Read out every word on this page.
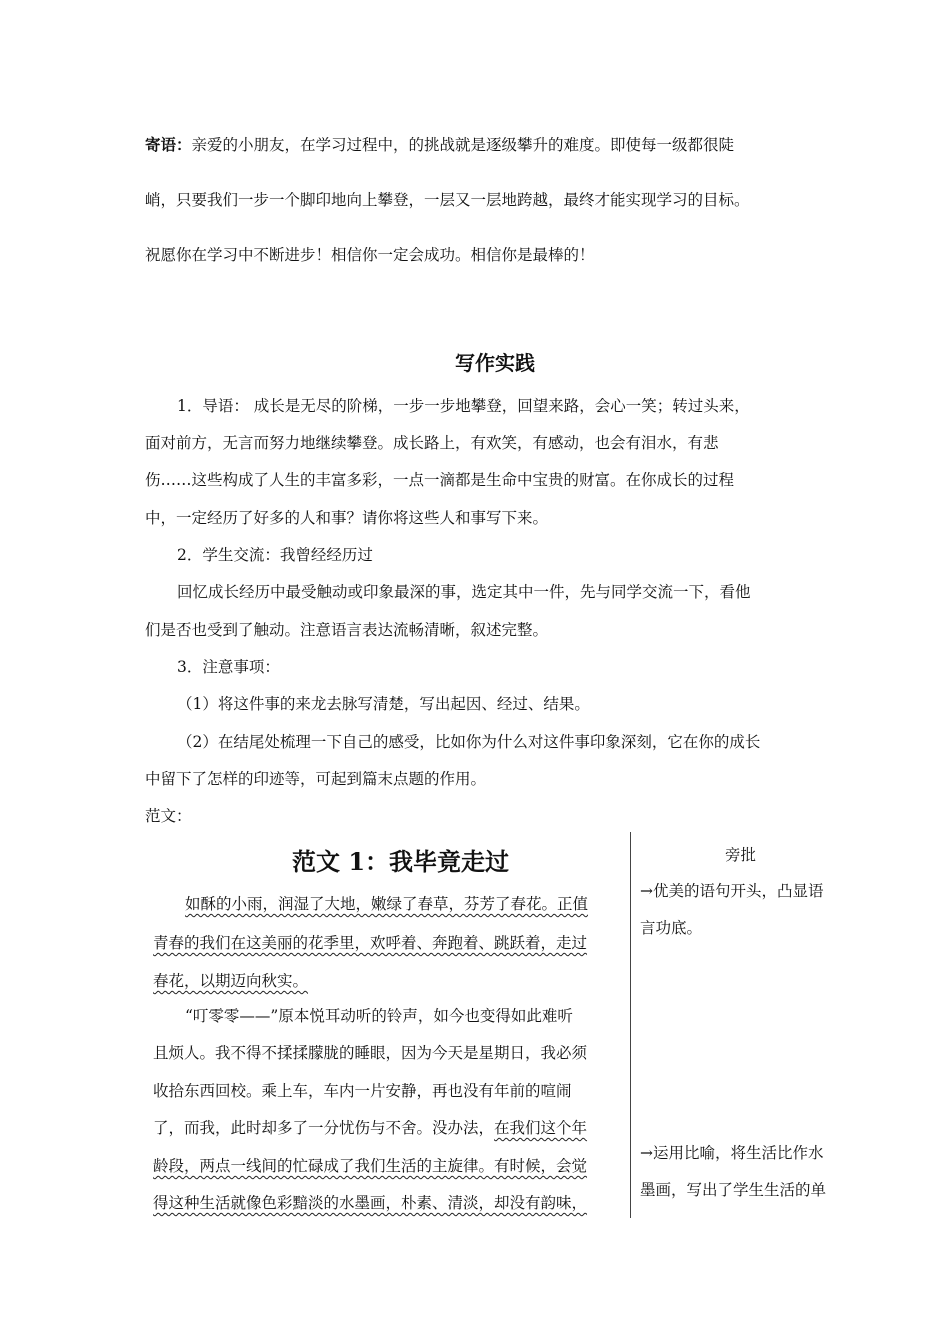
寄语：亲爱的小朋友，在学习过程中，的挑战就是逐级攀升的难度。即使每一级都很陡
峭，只要我们一步一个脚印地向上攀登，一层又一层地跨越，最终才能实现学习的目标。
祝愿你在学习中不断进步！相信你一定会成功。相信你是最棒的！
写作实践
1．导语： 成长是无尽的阶梯，一步一步地攀登，回望来路，会心一笑；转过头来，
面对前方，无言而努力地继续攀登。成长路上，有欢笑，有感动，也会有泪水，有悲
伤……这些构成了人生的丰富多彩，一点一滴都是生命中宝贵的财富。在你成长的过程
中，一定经历了好多的人和事？请你将这些人和事写下来。
2．学生交流：我曾经经历过
回忆成长经历中最受触动或印象最深的事，选定其中一件，先与同学交流一下，看他
们是否也受到了触动。注意语言表达流畅清晰，叙述完整。
3．注意事项：
（1）将这件事的来龙去脉写清楚，写出起因、经过、结果。
（2）在结尾处梳理一下自己的感受，比如你为什么对这件事印象深刻，它在你的成长
中留下了怎样的印迹等，可起到篇末点题的作用。
范文：
范文 1：我毕竟走过
如酥的小雨，润湿了大地，嫩绿了春草，芬芳了春花。正值
青春的我们在这美丽的花季里，欢呼着、奔跑着、跳跃着，走过
春花，以期迈向秋实。
“叮零零——”原本悦耳动听的铃声，如今也变得如此难听
且烦人。我不得不揉揉朦胧的睡眼，因为今天是星期日，我必须
收拾东西回校。乘上车，车内一片安静，再也没有年前的喧闹
了，而我，此时却多了一分忧伤与不舍。没办法，在我们这个年
龄段，两点一线间的忙碌成了我们生活的主旋律。有时候，会觉
得这种生活就像色彩黯淡的水墨画，朴素、清淡，却没有韵味，
旁批
→优美的语句开头，凸显语
言功底。
→运用比喻，将生活比作水
墨画，写出了学生生活的单
